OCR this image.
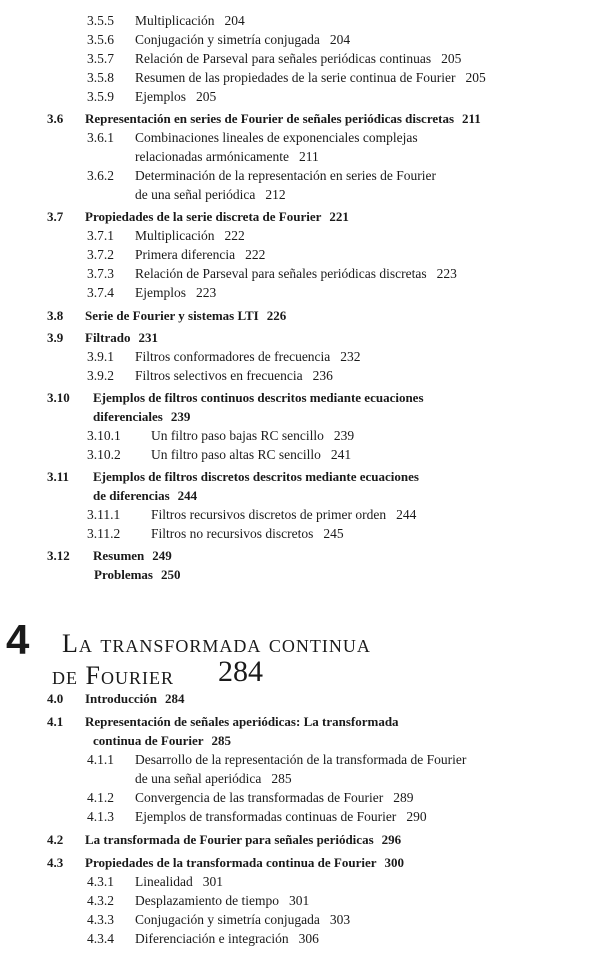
3.5.5 Multiplicación 204
3.5.6 Conjugación y simetría conjugada 204
3.5.7 Relación de Parseval para señales periódicas continuas 205
3.5.8 Resumen de las propiedades de la serie continua de Fourier 205
3.5.9 Ejemplos 205
3.6 Representación en series de Fourier de señales periódicas discretas 211
3.6.1 Combinaciones lineales de exponenciales complejas
relacionadas armónicamente 211
3.6.2 Determinación de la representación en series de Fourier
de una señal periódica 212
3.7 Propiedades de la serie discreta de Fourier 221
3.7.1 Multiplicación 222
3.7.2 Primera diferencia 222
3.7.3 Relación de Parseval para señales periódicas discretas 223
3.7.4 Ejemplos 223
3.8 Serie de Fourier y sistemas LTI 226
3.9 Filtrado 231
3.9.1 Filtros conformadores de frecuencia 232
3.9.2 Filtros selectivos en frecuencia 236
3.10 Ejemplos de filtros continuos descritos mediante ecuaciones
diferenciales 239
3.10.1 Un filtro paso bajas RC sencillo 239
3.10.2 Un filtro paso altas RC sencillo 241
3.11 Ejemplos de filtros discretos descritos mediante ecuaciones
de diferencias 244
3.11.1 Filtros recursivos discretos de primer orden 244
3.11.2 Filtros no recursivos discretos 245
3.12 Resumen 249
Problemas 250
4 La transformada continua
de Fourier 284
4.0 Introducción 284
4.1 Representación de señales aperiódicas: La transformada
continua de Fourier 285
4.1.1 Desarrollo de la representación de la transformada de Fourier
de una señal aperiódica 285
4.1.2 Convergencia de las transformadas de Fourier 289
4.1.3 Ejemplos de transformadas continuas de Fourier 290
4.2 La transformada de Fourier para señales periódicas 296
4.3 Propiedades de la transformada continua de Fourier 300
4.3.1 Linealidad 301
4.3.2 Desplazamiento de tiempo 301
4.3.3 Conjugación y simetría conjugada 303
4.3.4 Diferenciación e integración 306
